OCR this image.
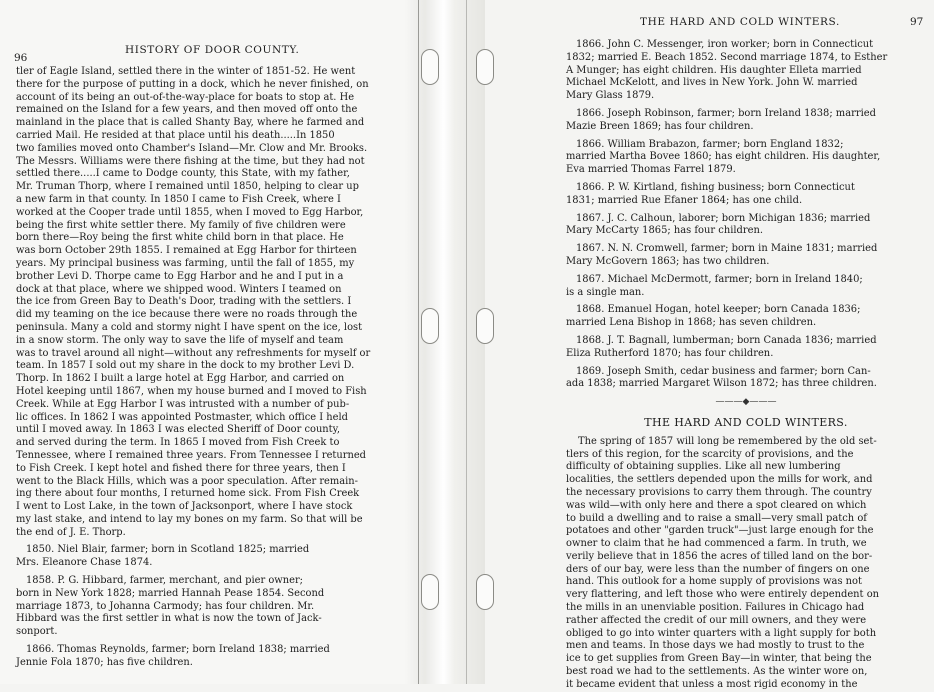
96
HISTORY OF DOOR COUNTY.
tler of Eagle Island, settled there in the winter of 1851-52. He went
there for the purpose of putting in a dock, which he never finished, on
account of its being an out-of-the-way-place for boats to stop at. He
remained on the Island for a few years, and then moved off onto the
mainland in the place that is called Shanty Bay, where he farmed and
carried Mail. He resided at that place until his death.....In 1850
two families moved onto Chamber's Island—Mr. Clow and Mr. Brooks.
The Messrs. Williams were there fishing at the time, but they had not
settled there.....I came to Dodge county, this State, with my father,
Mr. Truman Thorp, where I remained until 1850, helping to clear up
a new farm in that county. In 1850 I came to Fish Creek, where I
worked at the Cooper trade until 1855, when I moved to Egg Harbor,
being the first white settler there. My family of five children were
born there—Roy being the first white child born in that place. He
was born October 29th 1855. I remained at Egg Harbor for thirteen
years. My principal business was farming, until the fall of 1855, my
brother Levi D. Thorpe came to Egg Harbor and he and I put in a
dock at that place, where we shipped wood. Winters I teamed on
the ice from Green Bay to Death's Door, trading with the settlers. I
did my teaming on the ice because there were no roads through the
peninsula. Many a cold and stormy night I have spent on the ice, lost
in a snow storm. The only way to save the life of myself and team
was to travel around all night—without any refreshments for myself or
team. In 1857 I sold out my share in the dock to my brother Levi D.
Thorp. In 1862 I built a large hotel at Egg Harbor, and carried on
Hotel keeping until 1867, when my house burned and I moved to Fish
Creek. While at Egg Harbor I was intrusted with a number of pub-
lic offices. In 1862 I was appointed Postmaster, which office I held
until I moved away. In 1863 I was elected Sheriff of Door county,
and served during the term. In 1865 I moved from Fish Creek to
Tennessee, where I remained three years. From Tennessee I returned
to Fish Creek. I kept hotel and fished there for three years, then I
went to the Black Hills, which was a poor speculation. After remain-
ing there about four months, I returned home sick. From Fish Creek
I went to Lost Lake, in the town of Jacksonport, where I have stock
my last stake, and intend to lay my bones on my farm. So that will be
the end of J. E. Thorp.
1850. Niel Blair, farmer; born in Scotland 1825; married
Mrs. Eleanore Chase 1874.
1858. P. G. Hibbard, farmer, merchant, and pier owner;
born in New York 1828; married Hannah Pease 1854. Second
marriage 1873, to Johanna Carmody; has four children. Mr.
Hibbard was the first settler in what is now the town of Jack-
sonport.
1866. Thomas Reynolds, farmer; born Ireland 1838; married
Jennie Fola 1870; has five children.
THE HARD AND COLD WINTERS.	97
1866. John C. Messenger, iron worker; born in Connecticut
1832; married E. Beach 1852. Second marriage 1874, to Esther
A Munger; has eight children. His daughter Elleta married
Michael McKelott, and lives in New York. John W. married
Mary Glass 1879.
1866. Joseph Robinson, farmer; born Ireland 1838; married
Mazie Breen 1869; has four children.
1866. William Brabazon, farmer; born England 1832;
married Martha Bovee 1860; has eight children. His daughter,
Eva married Thomas Farrel 1879.
1866. P. W. Kirtland, fishing business; born Connecticut
1831; married Rue Efaner 1864; has one child.
1867. J. C. Calhoun, laborer; born Michigan 1836; married
Mary McCarty 1865; has four children.
1867. N. N. Cromwell, farmer; born in Maine 1831; married
Mary McGovern 1863; has two children.
1867. Michael McDermott, farmer; born in Ireland 1840;
is a single man.
1868. Emanuel Hogan, hotel keeper; born Canada 1836;
married Lena Bishop in 1868; has seven children.
1868. J. T. Bagnall, lumberman; born Canada 1836; married
Eliza Rutherford 1870; has four children.
1869. Joseph Smith, cedar business and farmer; born Can-
ada 1838; married Margaret Wilson 1872; has three children.
———◆———
THE HARD AND COLD WINTERS.
The spring of 1857 will long be remembered by the old set-
tlers of this region, for the scarcity of provisions, and the
difficulty of obtaining supplies. Like all new lumbering
localities, the settlers depended upon the mills for work, and
the necessary provisions to carry them through. The country
was wild—with only here and there a spot cleared on which
to build a dwelling and to raise a small—very small patch of
potatoes and other "garden truck"—just large enough for the
owner to claim that he had commenced a farm. In truth, we
verily believe that in 1856 the acres of tilled land on the bor-
ders of our bay, were less than the number of fingers on one
hand. This outlook for a home supply of provisions was not
very flattering, and left those who were entirely dependent on
the mills in an unenviable position. Failures in Chicago had
rather affected the credit of our mill owners, and they were
obliged to go into winter quarters with a light supply for both
men and teams. In those days we had mostly to trust to the
ice to get supplies from Green Bay—in winter, that being the
best road we had to the settlements. As the winter wore on,
it became evident that unless a most rigid economy in the
